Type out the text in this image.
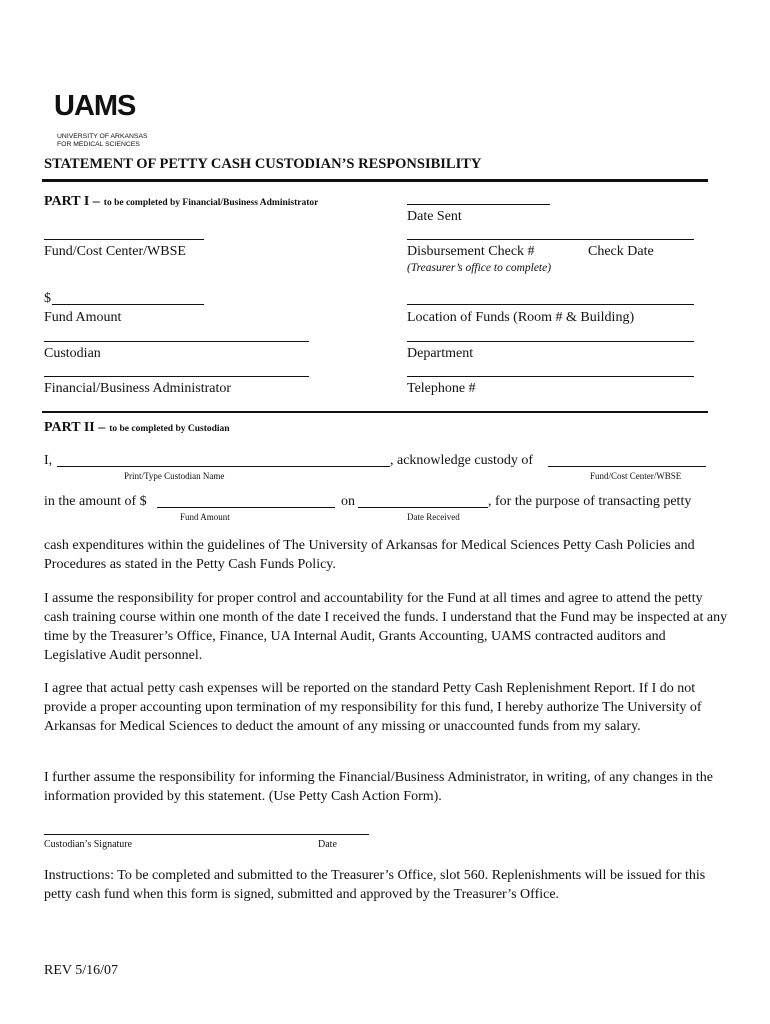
UAMS
UNIVERSITY OF ARKANSAS
FOR MEDICAL SCIENCES
STATEMENT OF PETTY CASH CUSTODIAN’S RESPONSIBILITY
PART I – to be completed by Financial/Business Administrator
Date Sent
Fund/Cost Center/WBSE	Disbursement Check #	Check Date
(Treasurer’s office to complete)
$
Fund Amount	Location of Funds (Room # & Building)
Custodian	Department
Financial/Business Administrator	Telephone #
PART II – to be completed by Custodian
I,	, acknowledge custody of
Print/Type Custodian Name	Fund/Cost Center/WBSE
in the amount of $	on	, for the purpose of transacting petty
Fund Amount	Date Received
cash expenditures within the guidelines of The University of Arkansas for Medical Sciences Petty Cash Policies and Procedures as stated in the Petty Cash Funds Policy.
I assume the responsibility for proper control and accountability for the Fund at all times and agree to attend the petty cash training course within one month of the date I received the funds. I understand that the Fund may be inspected at any time by the Treasurer’s Office, Finance, UA Internal Audit, Grants Accounting, UAMS contracted auditors and Legislative Audit personnel.
I agree that actual petty cash expenses will be reported on the standard Petty Cash Replenishment Report. If I do not provide a proper accounting upon termination of my responsibility for this fund, I hereby authorize The University of Arkansas for Medical Sciences to deduct the amount of any missing or unaccounted funds from my salary.
I further assume the responsibility for informing the Financial/Business Administrator, in writing, of any changes in the information provided by this statement. (Use Petty Cash Action Form).
Custodian’s Signature	Date
Instructions: To be completed and submitted to the Treasurer’s Office, slot 560. Replenishments will be issued for this petty cash fund when this form is signed, submitted and approved by the Treasurer’s Office.
REV 5/16/07
